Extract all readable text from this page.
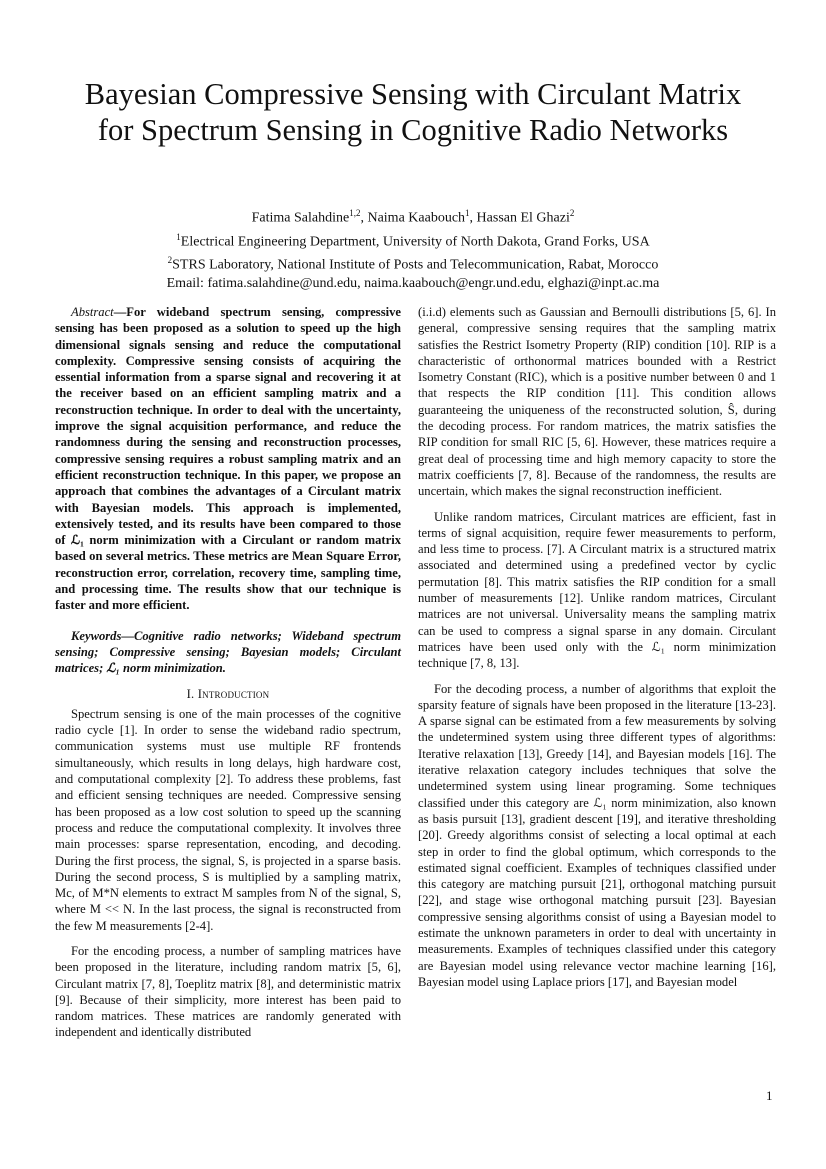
Bayesian Compressive Sensing with Circulant Matrix
for Spectrum Sensing in Cognitive Radio Networks
Fatima Salahdine$^{1,2}$, Naima Kaabouch$^1$, Hassan El Ghazi$^2$
$^1$Electrical Engineering Department, University of North Dakota, Grand Forks, USA
$^2$STRS Laboratory, National Institute of Posts and Telecommunication, Rabat, Morocco
Email: fatima.salahdine@und.edu, naima.kaabouch@engr.und.edu, elghazi@inpt.ac.ma

Abstract—For wideband spectrum sensing, compressive sensing has been proposed as a solution to speed up the high dimensional signals sensing and reduce the computational complexity. Compressive sensing consists of acquiring the essential information from a sparse signal and recovering it at the receiver based on an efficient sampling matrix and a reconstruction technique. In order to deal with the uncertainty, improve the signal acquisition performance, and reduce the randomness during the sensing and reconstruction processes, compressive sensing requires a robust sampling matrix and an efficient reconstruction technique. In this paper, we propose an approach that combines the advantages of a Circulant matrix with Bayesian models. This approach is implemented, extensively tested, and its results have been compared to those of ℒ₁ norm minimization with a Circulant or random matrix based on several metrics. These metrics are Mean Square Error, reconstruction error, correlation, recovery time, sampling time, and processing time. The results show that our technique is faster and more efficient.

Keywords—Cognitive radio networks; Wideband spectrum sensing; Compressive sensing; Bayesian models; Circulant matrices; ℒ₁ norm minimization.

I. Introduction

Spectrum sensing is one of the main processes of the cognitive radio cycle [1]. In order to sense the wideband radio spectrum, communication systems must use multiple RF frontends simultaneously, which results in long delays, high hardware cost, and computational complexity [2]. To address these problems, fast and efficient sensing techniques are needed. Compressive sensing has been proposed as a low cost solution to speed up the scanning process and reduce the computational complexity. It involves three main processes: sparse representation, encoding, and decoding. During the first process, the signal, S, is projected in a sparse basis. During the second process, S is multiplied by a sampling matrix, Mc, of M*N elements to extract M samples from N of the signal, S, where M << N. In the last process, the signal is reconstructed from the few M measurements [2-4].

For the encoding process, a number of sampling matrices have been proposed in the literature, including random matrix [5, 6], Circulant matrix [7, 8], Toeplitz matrix [8], and deterministic matrix [9]. Because of their simplicity, more interest has been paid to random matrices. These matrices are randomly generated with independent and identically distributed

(i.i.d) elements such as Gaussian and Bernoulli distributions [5, 6]. In general, compressive sensing requires that the sampling matrix satisfies the Restrict Isometry Property (RIP) condition [10]. RIP is a characteristic of orthonormal matrices bounded with a Restrict Isometry Constant (RIC), which is a positive number between 0 and 1 that respects the RIP condition [11]. This condition allows guaranteeing the uniqueness of the reconstructed solution, Ŝ, during the decoding process. For random matrices, the matrix satisfies the RIP condition for small RIC [5, 6]. However, these matrices require a great deal of processing time and high memory capacity to store the matrix coefficients [7, 8]. Because of the randomness, the results are uncertain, which makes the signal reconstruction inefficient.

Unlike random matrices, Circulant matrices are efficient, fast in terms of signal acquisition, require fewer measurements to perform, and less time to process. [7]. A Circulant matrix is a structured matrix associated and determined using a predefined vector by cyclic permutation [8]. This matrix satisfies the RIP condition for a small number of measurements [12]. Unlike random matrices, Circulant matrices are not universal. Universality means the sampling matrix can be used to compress a signal sparse in any domain. Circulant matrices have been used only with the ℒ₁ norm minimization technique [7, 8, 13].

For the decoding process, a number of algorithms that exploit the sparsity feature of signals have been proposed in the literature [13-23]. A sparse signal can be estimated from a few measurements by solving the undetermined system using three different types of algorithms: Iterative relaxation [13], Greedy [14], and Bayesian models [16]. The iterative relaxation category includes techniques that solve the undetermined system using linear programing. Some techniques classified under this category are ℒ₁ norm minimization, also known as basis pursuit [13], gradient descent [19], and iterative thresholding [20]. Greedy algorithms consist of selecting a local optimal at each step in order to find the global optimum, which corresponds to the estimated signal coefficient. Examples of techniques classified under this category are matching pursuit [21], orthogonal matching pursuit [22], and stage wise orthogonal matching pursuit [23]. Bayesian compressive sensing algorithms consist of using a Bayesian model to estimate the unknown parameters in order to deal with uncertainty in measurements. Examples of techniques classified under this category are Bayesian model using relevance vector machine learning [16], Bayesian model using Laplace priors [17], and Bayesian model

1
